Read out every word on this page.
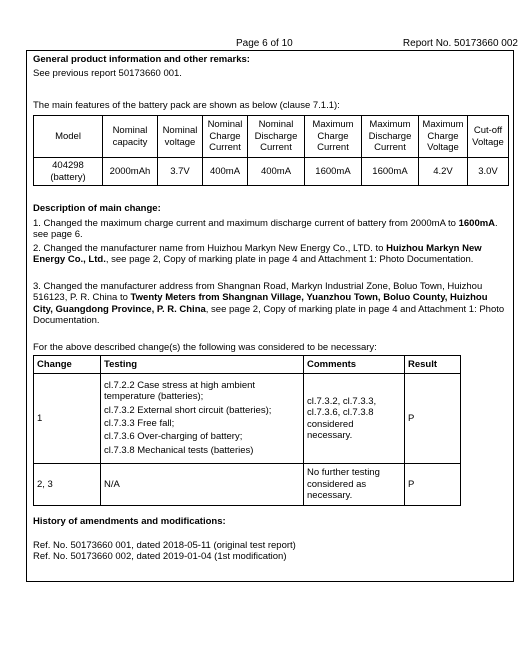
Page 6 of 10	Report No. 50173660 002
General product information and other remarks:
See previous report 50173660 001.
The main features of the battery pack are shown as below (clause 7.1.1):
Model	Nominal capacity	Nominal voltage	Nominal Charge Current	Nominal Discharge Current	Maximum Charge Current	Maximum Discharge Current	Maximum Charge Voltage	Cut-off Voltage
404298 (battery)	2000mAh	3.7V	400mA	400mA	1600mA	1600mA	4.2V	3.0V
Description of main change:
1. Changed the maximum charge current and maximum discharge current of battery from 2000mA to 1600mA. see page 6.
2. Changed the manufacturer name from Huizhou Markyn New Energy Co., LTD. to Huizhou Markyn New Energy Co., Ltd., see page 2, Copy of marking plate in page 4 and Attachment 1: Photo Documentation.
3. Changed the manufacturer address from Shangnan Road, Markyn Industrial Zone, Boluo Town, Huizhou 516123, P. R. China to Twenty Meters from Shangnan Village, Yuanzhou Town, Boluo County, Huizhou City, Guangdong Province, P. R. China, see page 2, Copy of marking plate in page 4 and Attachment 1: Photo Documentation.
For the above described change(s) the following was considered to be necessary:
Change	Testing	Comments	Result
1	cl.7.2.2 Case stress at high ambient temperature (batteries);
cl.7.3.2 External short circuit (batteries);
cl.7.3.3 Free fall;
cl.7.3.6 Over-charging of battery;
cl.7.3.8 Mechanical tests (batteries)	cl.7.3.2, cl.7.3.3, cl.7.3.6, cl.7.3.8 considered necessary.	P
2, 3	N/A	No further testing considered as necessary.	P
History of amendments and modifications:
Ref. No. 50173660 001, dated 2018-05-11 (original test report)
Ref. No. 50173660 002, dated 2019-01-04 (1st modification)
